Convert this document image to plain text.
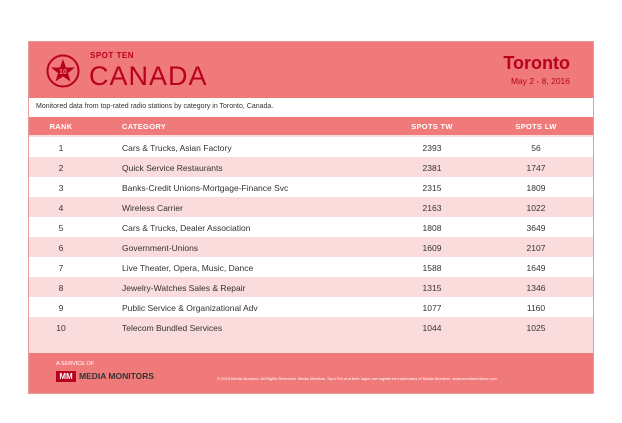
10
SPOT TEN
CANADA	Toronto
May 2 - 8, 2016
Monitored data from top-rated radio stations by category in Toronto, Canada.
RANK	CATEGORY	SPOTS TW	SPOTS LW
1	Cars & Trucks, Asian Factory	2393	56
2	Quick Service Restaurants	2381	1747
3	Banks-Credit Unions-Mortgage-Finance Svc	2315	1809
4	Wireless Carrier	2163	1022
5	Cars & Trucks, Dealer Association	1808	3649
6	Government-Unions	1609	2107
7	Live Theater, Opera, Music, Dance	1588	1649
8	Jewelry-Watches Sales & Repair	1315	1346
9	Public Service & Organizational Adv	1077	1160
10	Telecom Bundled Services	1044	1025
A SERVICE OF
MM MEDIA MONITORS	© 2016 Media Monitors. All Rights Reserved. Media Monitors, Spot Ten and their logos are registered trademarks of Media Monitors. www.mediamonitors.com
